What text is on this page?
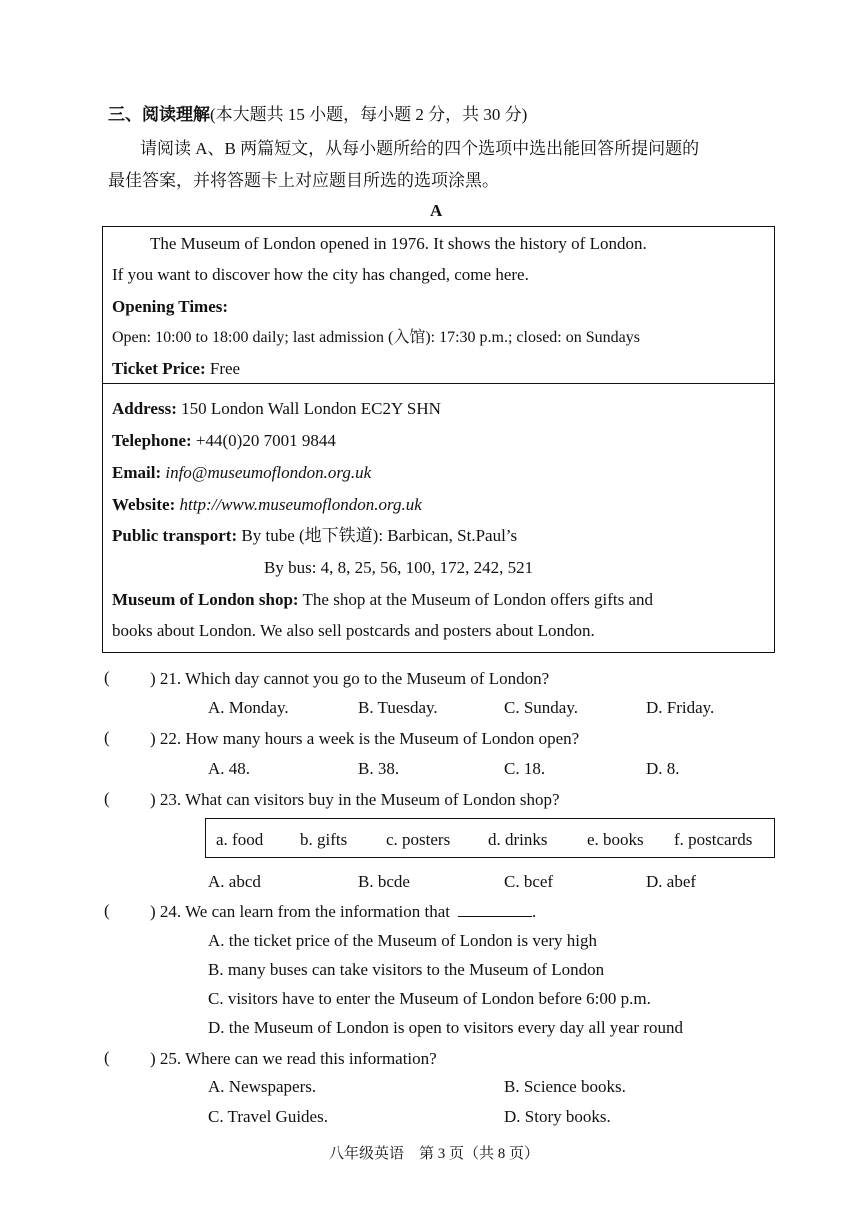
三、阅读理解(本大题共 15 小题，每小题 2 分，共 30 分)
请阅读 A、B 两篇短文，从每小题所给的四个选项中选出能回答所提问题的
最佳答案，并将答题卡上对应题目所选的选项涂黑。
A
The Museum of London opened in 1976. It shows the history of London.
If you want to discover how the city has changed, come here.
Opening Times:
Open: 10:00 to 18:00 daily; last admission (入馆): 17:30 p.m.; closed: on Sundays
Ticket Price: Free
Address: 150 London Wall London EC2Y SHN
Telephone: +44(0)20 7001 9844
Email: info@museumoflondon.org.uk
Website: http://www.museumoflondon.org.uk
Public transport: By tube (地下铁道): Barbican, St.Paul’s
By bus: 4, 8, 25, 56, 100, 172, 242, 521
Museum of London shop: The shop at the Museum of London offers gifts and
books about London. We also sell postcards and posters about London.
( ) 21. Which day cannot you go to the Museum of London?
A. Monday.	B. Tuesday.	C. Sunday.	D. Friday.
( ) 22. How many hours a week is the Museum of London open?
A. 48.	B. 38.	C. 18.	D. 8.
( ) 23. What can visitors buy in the Museum of London shop?
a. food b. gifts c. posters d. drinks e. books f. postcards
A. abcd	B. bcde	C. bcef	D. abef
( ) 24. We can learn from the information that	.
A. the ticket price of the Museum of London is very high
B. many buses can take visitors to the Museum of London
C. visitors have to enter the Museum of London before 6:00 p.m.
D. the Museum of London is open to visitors every day all year round
( ) 25. Where can we read this information?
A. Newspapers.	B. Science books.
C. Travel Guides.	D. Story books.
八年级英语　第 3 页（共 8 页）
